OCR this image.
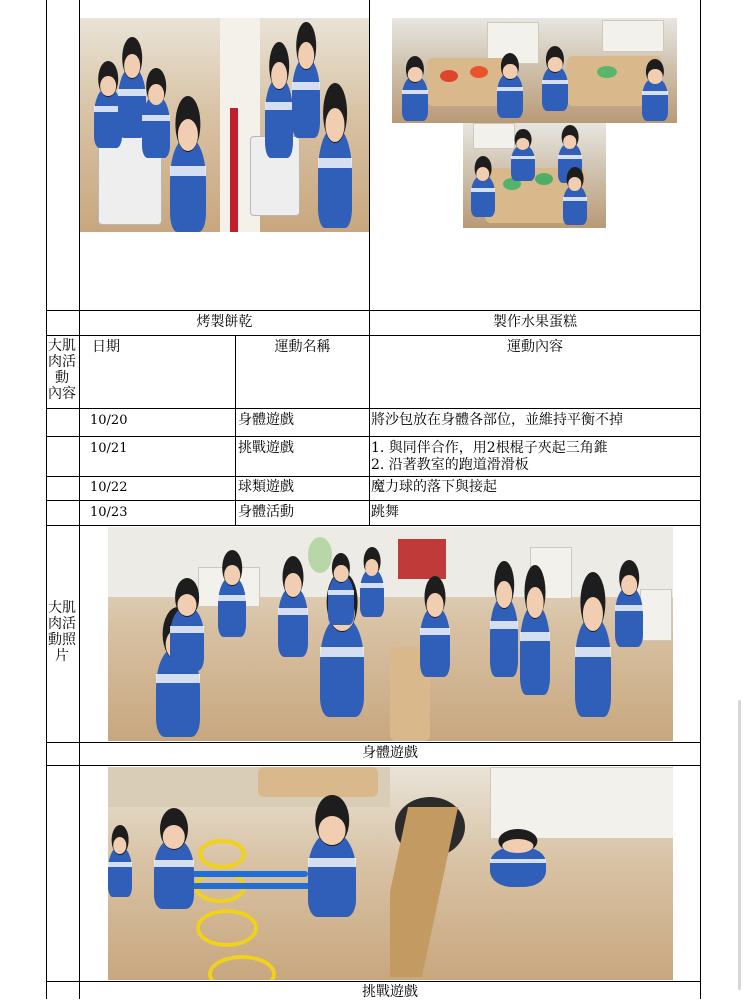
烤製餅乾	製作水果蛋糕
大肌
肉活
動
內容
日期	運動名稱	運動內容
10/20	身體遊戲	將沙包放在身體各部位，並維持平衡不掉
10/21	挑戰遊戲	1. 與同伴合作，用2根棍子夾起三角錐
2. 沿著教室的跑道滑滑板
10/22	球類遊戲	魔力球的落下與接起
10/23	身體活動	跳舞
大肌
肉活
動照
片
身體遊戲
挑戰遊戲
